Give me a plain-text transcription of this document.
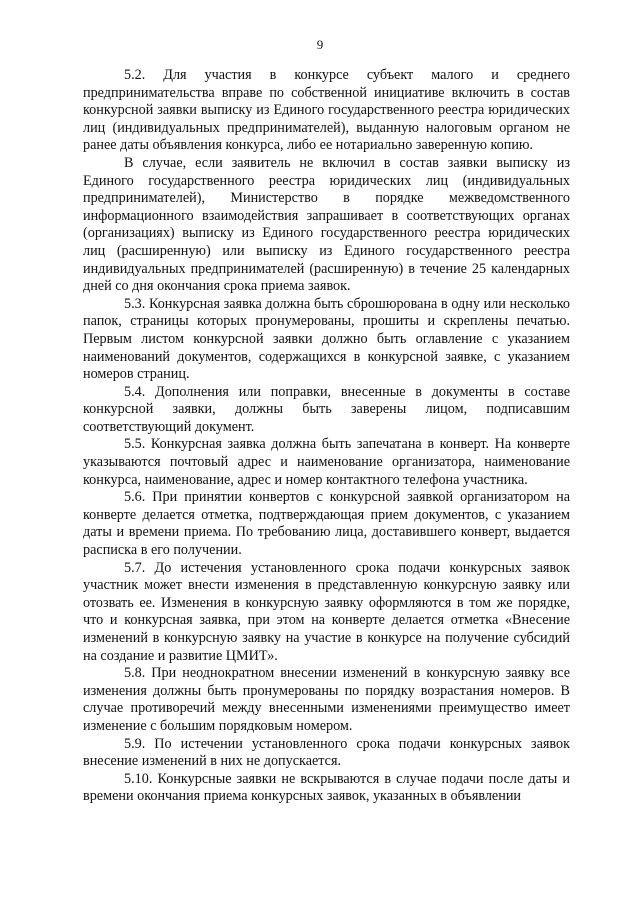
9

5.2. Для участия в конкурсе субъект малого и среднего предпринимательства вправе по собственной инициативе включить в состав конкурсной заявки выписку из Единого государственного реестра юридических лиц (индивидуальных предпринимателей), выданную налоговым органом не ранее даты объявления конкурса, либо ее нотариально заверенную копию.

В случае, если заявитель не включил в состав заявки выписку из Единого государственного реестра юридических лиц (индивидуальных предпринимателей), Министерство в порядке межведомственного информационного взаимодействия запрашивает в соответствующих органах (организациях) выписку из Единого государственного реестра юридических лиц (расширенную) или выписку из Единого государственного реестра индивидуальных предпринимателей (расширенную) в течение 25 календарных дней со дня окончания срока приема заявок.

5.3. Конкурсная заявка должна быть сброшюрована в одну или несколько папок, страницы которых пронумерованы, прошиты и скреплены печатью. Первым листом конкурсной заявки должно быть оглавление с указанием наименований документов, содержащихся в конкурсной заявке, с указанием номеров страниц.

5.4. Дополнения или поправки, внесенные в документы в составе конкурсной заявки, должны быть заверены лицом, подписавшим соответствующий документ.

5.5. Конкурсная заявка должна быть запечатана в конверт. На конверте указываются почтовый адрес и наименование организатора, наименование конкурса, наименование, адрес и номер контактного телефона участника.

5.6. При принятии конвертов с конкурсной заявкой организатором на конверте делается отметка, подтверждающая прием документов, с указанием даты и времени приема. По требованию лица, доставившего конверт, выдается расписка в его получении.

5.7. До истечения установленного срока подачи конкурсных заявок участник может внести изменения в представленную конкурсную заявку или отозвать ее. Изменения в конкурсную заявку оформляются в том же порядке, что и конкурсная заявка, при этом на конверте делается отметка «Внесение изменений в конкурсную заявку на участие в конкурсе на получение субсидий на создание и развитие ЦМИТ».

5.8. При неоднократном внесении изменений в конкурсную заявку все изменения должны быть пронумерованы по порядку возрастания номеров. В случае противоречий между внесенными изменениями преимущество имеет изменение с большим порядковым номером.

5.9. По истечении установленного срока подачи конкурсных заявок внесение изменений в них не допускается.

5.10. Конкурсные заявки не вскрываются в случае подачи после даты и времени окончания приема конкурсных заявок, указанных в объявлении
